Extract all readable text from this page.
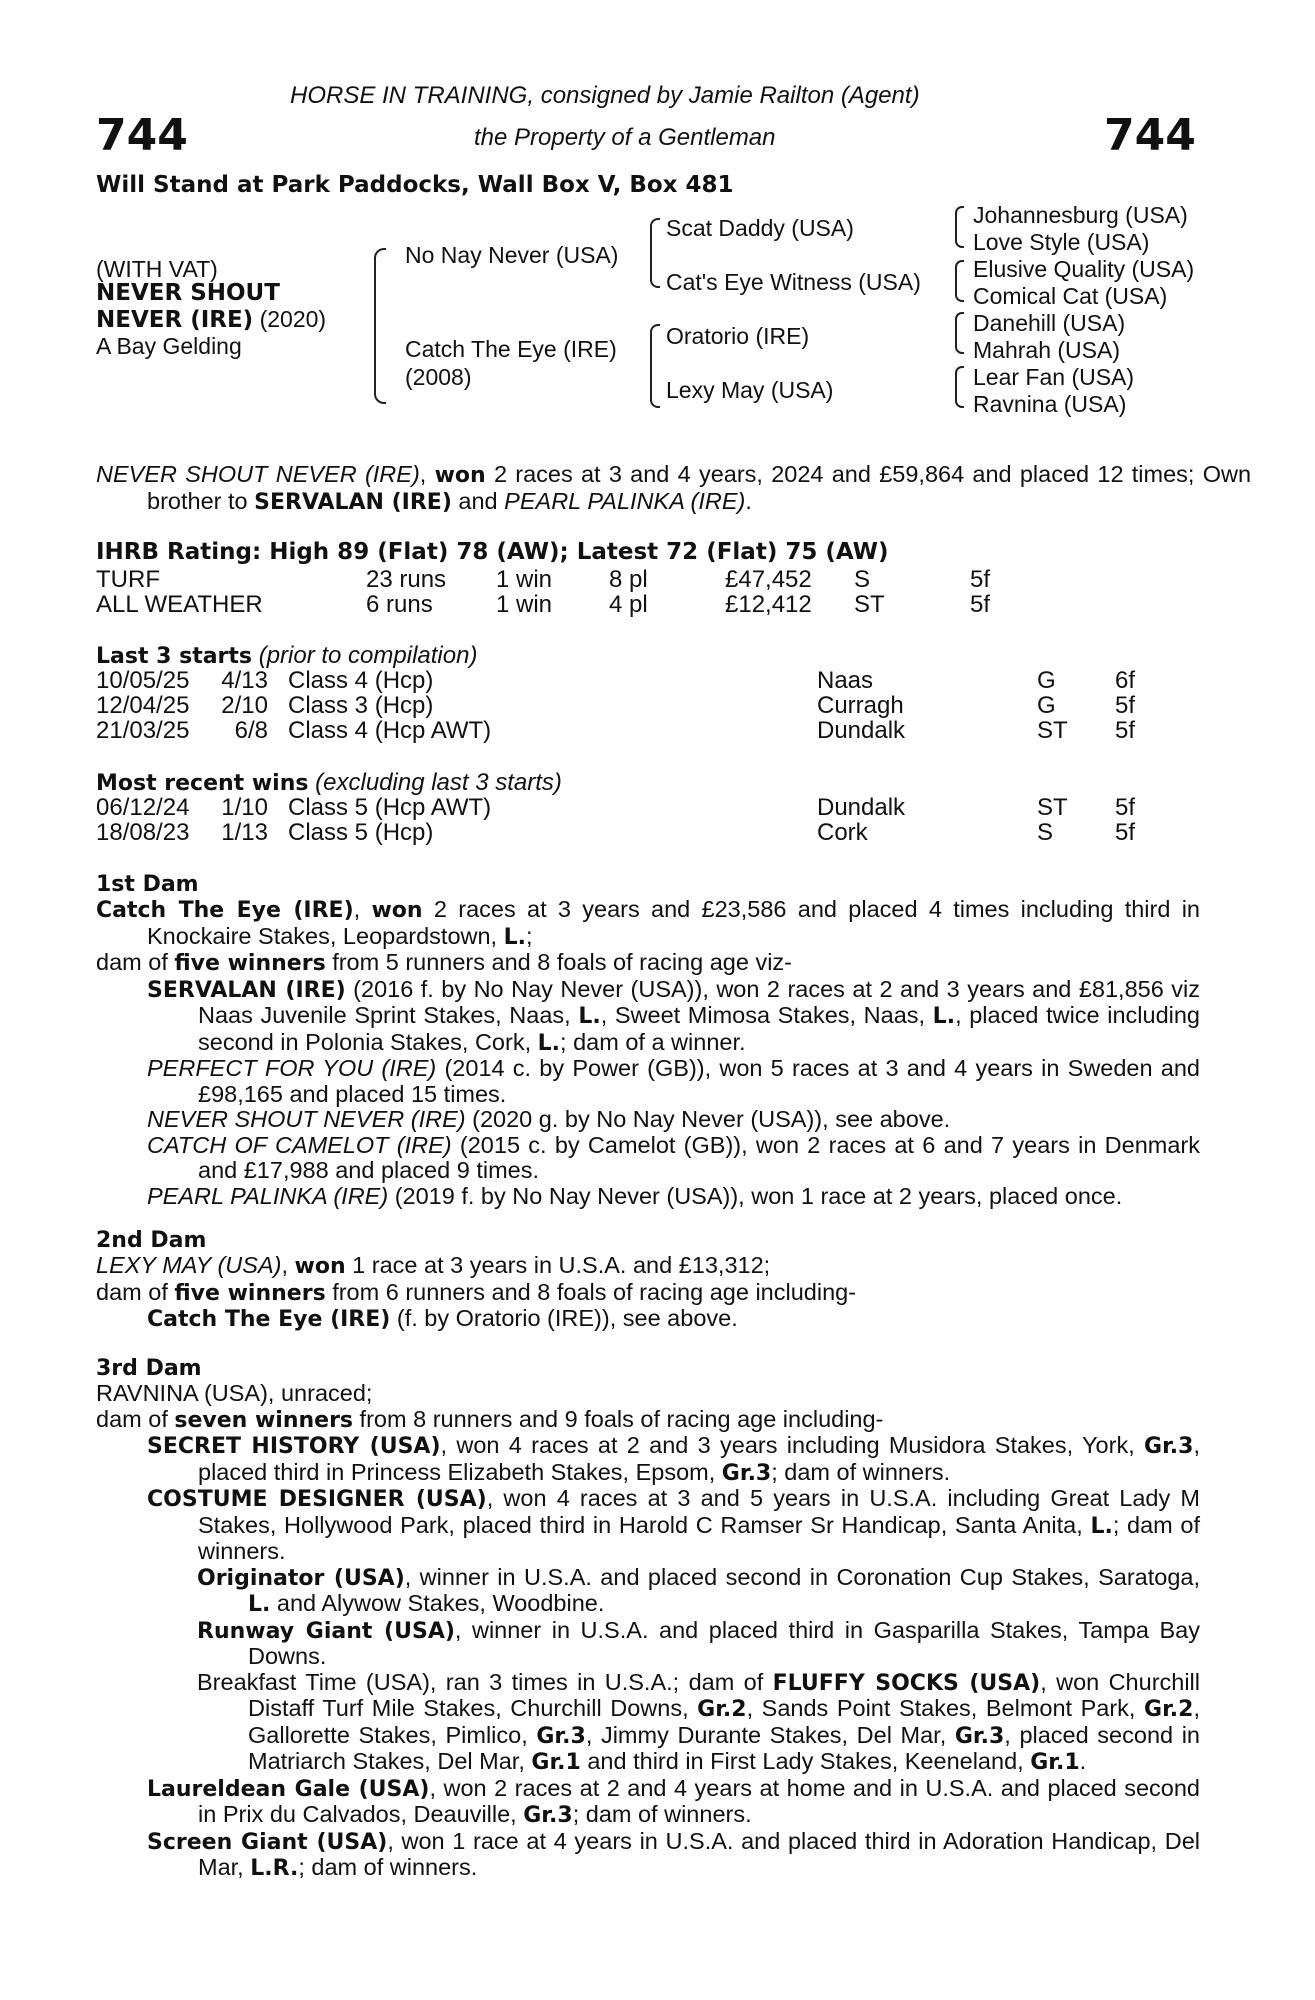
HORSE IN TRAINING, consigned by Jamie Railton (Agent)
the Property of a Gentleman
744	744
Will Stand at Park Paddocks, Wall Box V, Box 481
(WITH VAT)
NEVER SHOUT
NEVER (IRE) (2020)
A Bay Gelding
No Nay Never (USA)
Catch The Eye (IRE)
(2008)
Scat Daddy (USA)
Cat's Eye Witness (USA)
Oratorio (IRE)
Lexy May (USA)
Johannesburg (USA)
Love Style (USA)
Elusive Quality (USA)
Comical Cat (USA)
Danehill (USA)
Mahrah (USA)
Lear Fan (USA)
Ravnina (USA)
NEVER SHOUT NEVER (IRE), won 2 races at 3 and 4 years, 2024 and £59,864 and placed 12 times; Own brother to SERVALAN (IRE) and PEARL PALINKA (IRE).
IHRB Rating: High 89 (Flat) 78 (AW); Latest 72 (Flat) 75 (AW)
TURF	23 runs 1 win 8 pl	£47,452 S	5f
ALL WEATHER	6 runs	1 win 4 pl	£12,412 ST	5f
Last 3 starts (prior to compilation)
10/05/25	4/13 Class 4 (Hcp)	Naas	G 6f
12/04/25	2/10 Class 3 (Hcp)	Curragh	G 5f
21/03/25	6/8 Class 4 (Hcp AWT)	Dundalk	ST 5f
Most recent wins (excluding last 3 starts)
06/12/24	1/10 Class 5 (Hcp AWT)	Dundalk	ST 5f
18/08/23	1/13 Class 5 (Hcp)	Cork	S	5f
1st Dam
Catch The Eye (IRE), won 2 races at 3 years and £23,586 and placed 4 times including third in Knockaire Stakes, Leopardstown, L.;
dam of five winners from 5 runners and 8 foals of racing age viz-
SERVALAN (IRE) (2016 f. by No Nay Never (USA)), won 2 races at 2 and 3 years and £81,856 viz Naas Juvenile Sprint Stakes, Naas, L., Sweet Mimosa Stakes, Naas, L., placed twice including second in Polonia Stakes, Cork, L.; dam of a winner.
PERFECT FOR YOU (IRE) (2014 c. by Power (GB)), won 5 races at 3 and 4 years in Sweden and £98,165 and placed 15 times.
NEVER SHOUT NEVER (IRE) (2020 g. by No Nay Never (USA)), see above.
CATCH OF CAMELOT (IRE) (2015 c. by Camelot (GB)), won 2 races at 6 and 7 years in Denmark and £17,988 and placed 9 times.
PEARL PALINKA (IRE) (2019 f. by No Nay Never (USA)), won 1 race at 2 years, placed once.
2nd Dam
LEXY MAY (USA), won 1 race at 3 years in U.S.A. and £13,312;
dam of five winners from 6 runners and 8 foals of racing age including-
Catch The Eye (IRE) (f. by Oratorio (IRE)), see above.
3rd Dam
RAVNINA (USA), unraced;
dam of seven winners from 8 runners and 9 foals of racing age including-
SECRET HISTORY (USA), won 4 races at 2 and 3 years including Musidora Stakes, York, Gr.3, placed third in Princess Elizabeth Stakes, Epsom, Gr.3; dam of winners.
COSTUME DESIGNER (USA), won 4 races at 3 and 5 years in U.S.A. including Great Lady M Stakes, Hollywood Park, placed third in Harold C Ramser Sr Handicap, Santa Anita, L.; dam of winners.
Originator (USA), winner in U.S.A. and placed second in Coronation Cup Stakes, Saratoga, L. and Alywow Stakes, Woodbine.
Runway Giant (USA), winner in U.S.A. and placed third in Gasparilla Stakes, Tampa Bay Downs.
Breakfast Time (USA), ran 3 times in U.S.A.; dam of FLUFFY SOCKS (USA), won Churchill Distaff Turf Mile Stakes, Churchill Downs, Gr.2, Sands Point Stakes, Belmont Park, Gr.2, Gallorette Stakes, Pimlico, Gr.3, Jimmy Durante Stakes, Del Mar, Gr.3, placed second in Matriarch Stakes, Del Mar, Gr.1 and third in First Lady Stakes, Keeneland, Gr.1.
Laureldean Gale (USA), won 2 races at 2 and 4 years at home and in U.S.A. and placed second in Prix du Calvados, Deauville, Gr.3; dam of winners.
Screen Giant (USA), won 1 race at 4 years in U.S.A. and placed third in Adoration Handicap, Del Mar, L.R.; dam of winners.
